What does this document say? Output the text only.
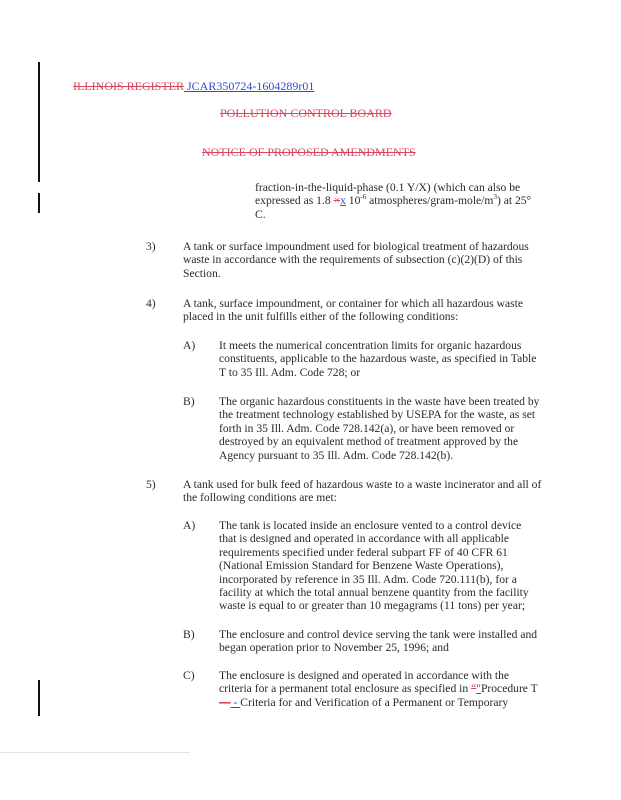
ILLINOIS REGISTER JCAR350724-1604289r01
POLLUTION CONTROL BOARD
NOTICE OF PROPOSED AMENDMENTS
fraction-in-the-liquid-phase (0.1 Y/X) (which can also be expressed as 1.8 ×x $10^{-6}$ atmospheres/$gram-mole/m^3$) at 25°
C.
3) A tank or surface impoundment used for biological treatment of hazardous waste in accordance with the requirements of subsection (c)(2)(D) of this Section.
4) A tank, surface impoundment, or container for which all hazardous waste placed in the unit fulfills either of the following conditions:
A) It meets the numerical concentration limits for organic hazardous constituents, applicable to the hazardous waste, as specified in Table T to 35 Ill. Adm. Code 728; or
B) The organic hazardous constituents in the waste have been treated by the treatment technology established by USEPA for the waste, as set forth in 35 Ill. Adm. Code 728.142(a), or have been removed or destroyed by an equivalent method of treatment approved by the Agency pursuant to 35 Ill. Adm. Code 728.142(b).
5) A tank used for bulk feed of hazardous waste to a waste incinerator and all of the following conditions are met:
A) The tank is located inside an enclosure vented to a control device that is designed and operated in accordance with all applicable requirements specified under federal subpart FF of 40 CFR 61 (National Emission Standard for Benzene Waste Operations), incorporated by reference in 35 Ill. Adm. Code 720.111(b), for a facility at which the total annual benzene quantity from the facility waste is equal to or greater than 10 megagrams (11 tons) per year;
B) The enclosure and control device serving the tank were installed and began operation prior to November 25, 1996; and
C) The enclosure is designed and operated in accordance with the criteria for a permanent total enclosure as specified in “"Procedure T— - Criteria for and Verification of a Permanent or Temporary
